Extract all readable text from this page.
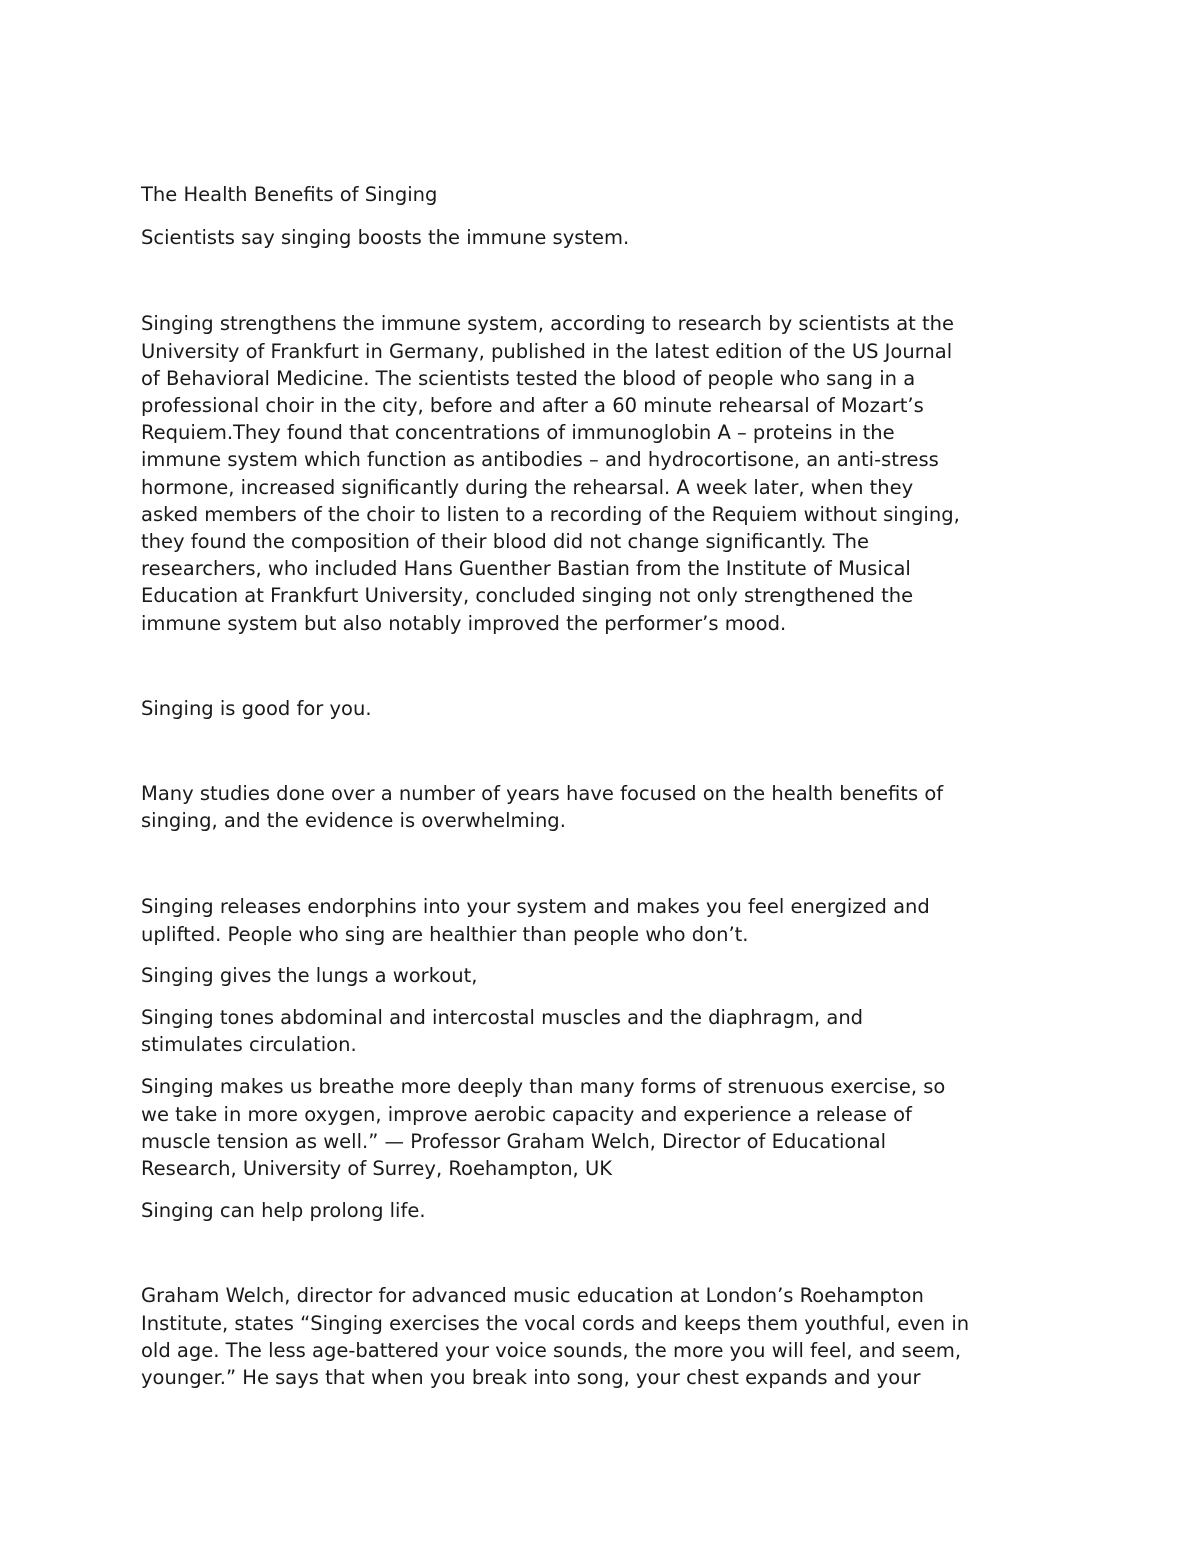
The Health Benefits of Singing

Scientists say singing boosts the immune system.

Singing strengthens the immune system, according to research by scientists at the
University of Frankfurt in Germany, published in the latest edition of the US Journal
of Behavioral Medicine. The scientists tested the blood of people who sang in a
professional choir in the city, before and after a 60 minute rehearsal of Mozart’s
Requiem.They found that concentrations of immunoglobin A – proteins in the
immune system which function as antibodies – and hydrocortisone, an anti-stress
hormone, increased significantly during the rehearsal. A week later, when they
asked members of the choir to listen to a recording of the Requiem without singing,
they found the composition of their blood did not change significantly. The
researchers, who included Hans Guenther Bastian from the Institute of Musical
Education at Frankfurt University, concluded singing not only strengthened the
immune system but also notably improved the performer’s mood.

Singing is good for you.

Many studies done over a number of years have focused on the health benefits of
singing, and the evidence is overwhelming.

Singing releases endorphins into your system and makes you feel energized and
uplifted. People who sing are healthier than people who don’t.

Singing gives the lungs a workout,

Singing tones abdominal and intercostal muscles and the diaphragm, and
stimulates circulation.

Singing makes us breathe more deeply than many forms of strenuous exercise, so
we take in more oxygen, improve aerobic capacity and experience a release of
muscle tension as well.” — Professor Graham Welch, Director of Educational
Research, University of Surrey, Roehampton, UK

Singing can help prolong life.

Graham Welch, director for advanced music education at London’s Roehampton
Institute, states “Singing exercises the vocal cords and keeps them youthful, even in
old age. The less age-battered your voice sounds, the more you will feel, and seem,
younger.” He says that when you break into song, your chest expands and your
